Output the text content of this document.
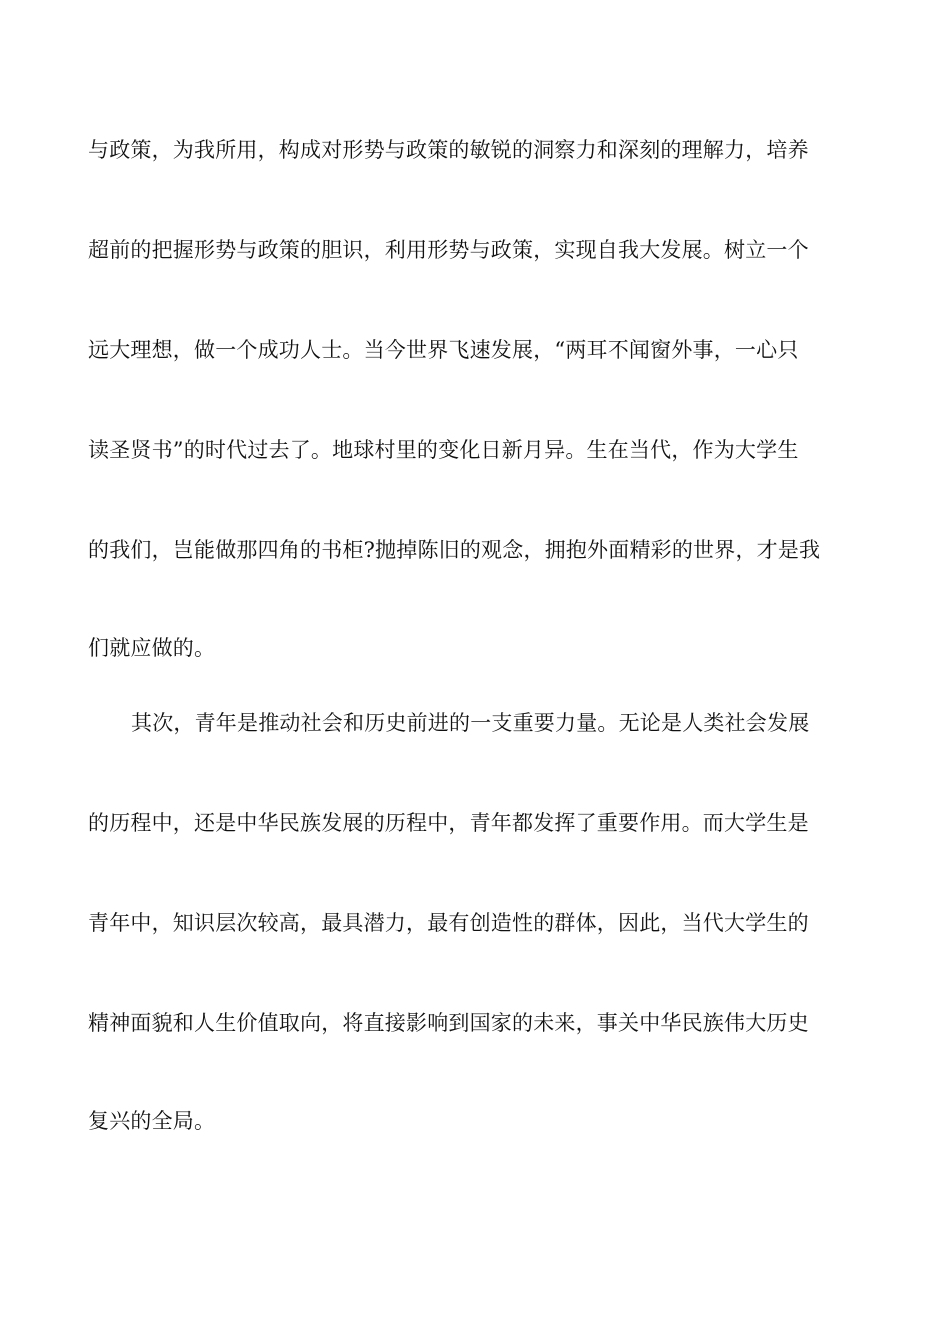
与政策，为我所用，构成对形势与政策的敏锐的洞察力和深刻的理解力，培养
超前的把握形势与政策的胆识，利用形势与政策，实现自我大发展。树立一个
远大理想，做一个成功人士。当今世界飞速发展，“两耳不闻窗外事，一心只
读圣贤书”的时代过去了。地球村里的变化日新月异。生在当代，作为大学生
的我们，岂能做那四角的书柜?抛掉陈旧的观念，拥抱外面精彩的世界，才是我
们就应做的。
其次，青年是推动社会和历史前进的一支重要力量。无论是人类社会发展
的历程中，还是中华民族发展的历程中，青年都发挥了重要作用。而大学生是
青年中，知识层次较高，最具潜力，最有创造性的群体，因此，当代大学生的
精神面貌和人生价值取向，将直接影响到国家的未来，事关中华民族伟大历史
复兴的全局。
